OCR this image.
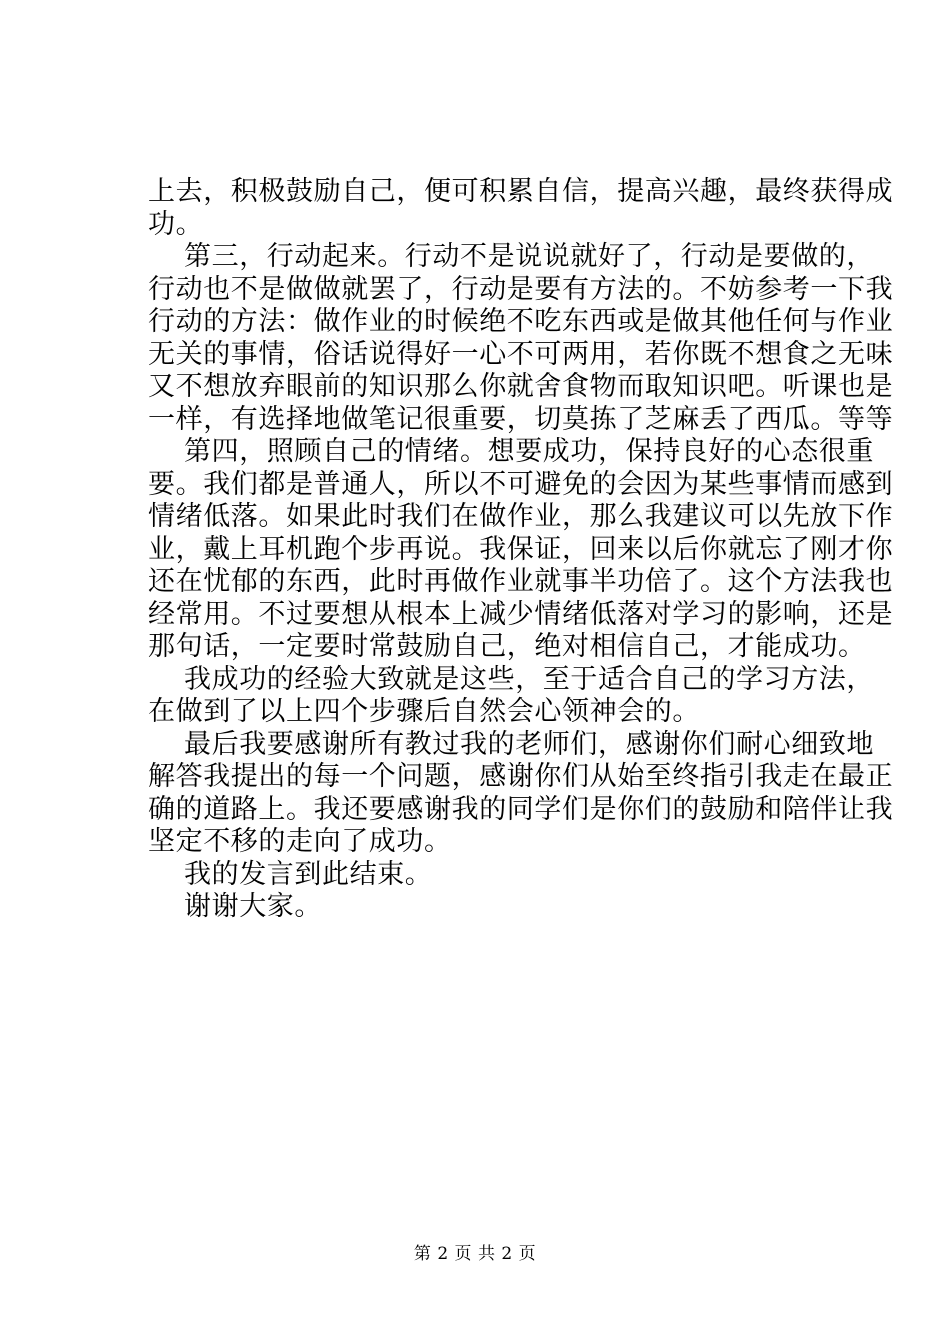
上去，积极鼓励自己，便可积累自信，提高兴趣，最终获得成
功。
第三，行动起来。行动不是说说就好了，行动是要做的，
行动也不是做做就罢了，行动是要有方法的。不妨参考一下我
行动的方法：做作业的时候绝不吃东西或是做其他任何与作业
无关的事情，俗话说得好一心不可两用，若你既不想食之无味
又不想放弃眼前的知识那么你就舍食物而取知识吧。听课也是
一样，有选择地做笔记很重要，切莫拣了芝麻丢了西瓜。等等
第四，照顾自己的情绪。想要成功，保持良好的心态很重
要。我们都是普通人，所以不可避免的会因为某些事情而感到
情绪低落。如果此时我们在做作业，那么我建议可以先放下作
业，戴上耳机跑个步再说。我保证，回来以后你就忘了刚才你
还在忧郁的东西，此时再做作业就事半功倍了。这个方法我也
经常用。不过要想从根本上减少情绪低落对学习的影响，还是
那句话，一定要时常鼓励自己，绝对相信自己，才能成功。
我成功的经验大致就是这些，至于适合自己的学习方法，
在做到了以上四个步骤后自然会心领神会的。
最后我要感谢所有教过我的老师们，感谢你们耐心细致地
解答我提出的每一个问题，感谢你们从始至终指引我走在最正
确的道路上。我还要感谢我的同学们是你们的鼓励和陪伴让我
坚定不移的走向了成功。
我的发言到此结束。
谢谢大家。
第 2 页 共 2 页
